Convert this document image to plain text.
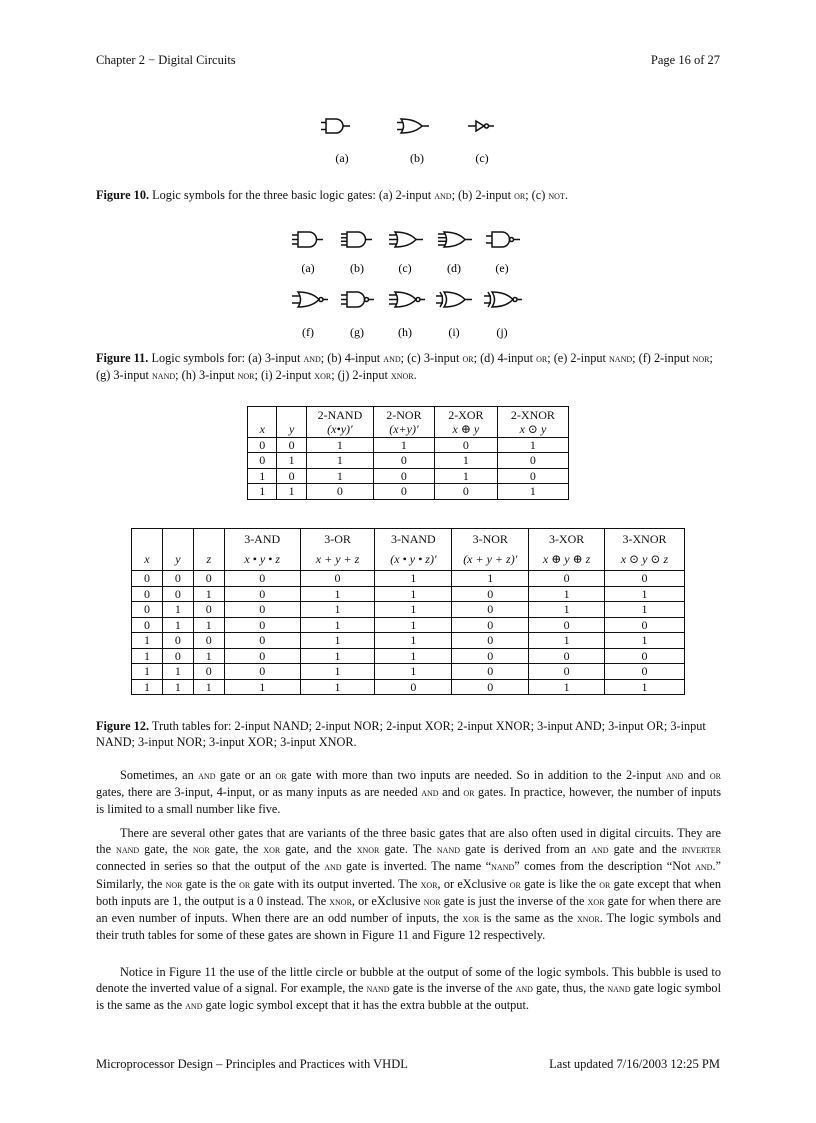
Chapter 2 − Digital Circuits	Page 16 of 27
(a)	(b)	(c)
Figure 10. Logic symbols for the three basic logic gates: (a) 2-input and; (b) 2-input or; (c) not.
(a)	(b)	(c)	(d)	(e)
(f)	(g)	(h)	(i)	(j)
Figure 11. Logic symbols for: (a) 3-input and; (b) 4-input and; (c) 3-input or; (d) 4-input or; (e) 2-input nand; (f) 2-input nor; (g) 3-input nand; (h) 3-input nor; (i) 2-input xor; (j) 2-input xnor.
		2-NAND	2-NOR	2-XOR	2-XNOR
x	y	(x•y)′	(x+y)′	x ⊕ y	x ⊙ y
0	0	1	1	0	1
0	1	1	0	1	0
1	0	1	0	1	0
1	1	0	0	0	1
			3-AND	3-OR	3-NAND	3-NOR	3-XOR	3-XNOR
x	y	z	x • y • z	x + y + z	(x • y • z)′	(x + y + z)′	x ⊕ y ⊕ z	x ⊙ y ⊙ z
0	0	0	0	0	1	1	0	0
0	0	1	0	1	1	0	1	1
0	1	0	0	1	1	0	1	1
0	1	1	0	1	1	0	0	0
1	0	0	0	1	1	0	1	1
1	0	1	0	1	1	0	0	0
1	1	0	0	1	1	0	0	0
1	1	1	1	1	0	0	1	1
Figure 12. Truth tables for: 2-input NAND; 2-input NOR; 2-input XOR; 2-input XNOR; 3-input AND; 3-input OR; 3-input NAND; 3-input NOR; 3-input XOR; 3-input XNOR.
Sometimes, an and gate or an or gate with more than two inputs are needed. So in addition to the 2-input and and or gates, there are 3-input, 4-input, or as many inputs as are needed and and or gates. In practice, however, the number of inputs is limited to a small number like five.
There are several other gates that are variants of the three basic gates that are also often used in digital circuits. They are the nand gate, the nor gate, the xor gate, and the xnor gate. The nand gate is derived from an and gate and the inverter connected in series so that the output of the and gate is inverted. The name “nand” comes from the description “Not and.” Similarly, the nor gate is the or gate with its output inverted. The xor, or eXclusive or gate is like the or gate except that when both inputs are 1, the output is a 0 instead. The xnor, or eXclusive nor gate is just the inverse of the xor gate for when there are an even number of inputs. When there are an odd number of inputs, the xor is the same as the xnor. The logic symbols and their truth tables for some of these gates are shown in Figure 11 and Figure 12 respectively.
Notice in Figure 11 the use of the little circle or bubble at the output of some of the logic symbols. This bubble is used to denote the inverted value of a signal. For example, the nand gate is the inverse of the and gate, thus, the nand gate logic symbol is the same as the and gate logic symbol except that it has the extra bubble at the output.
Microprocessor Design – Principles and Practices with VHDL	Last updated 7/16/2003 12:25 PM
